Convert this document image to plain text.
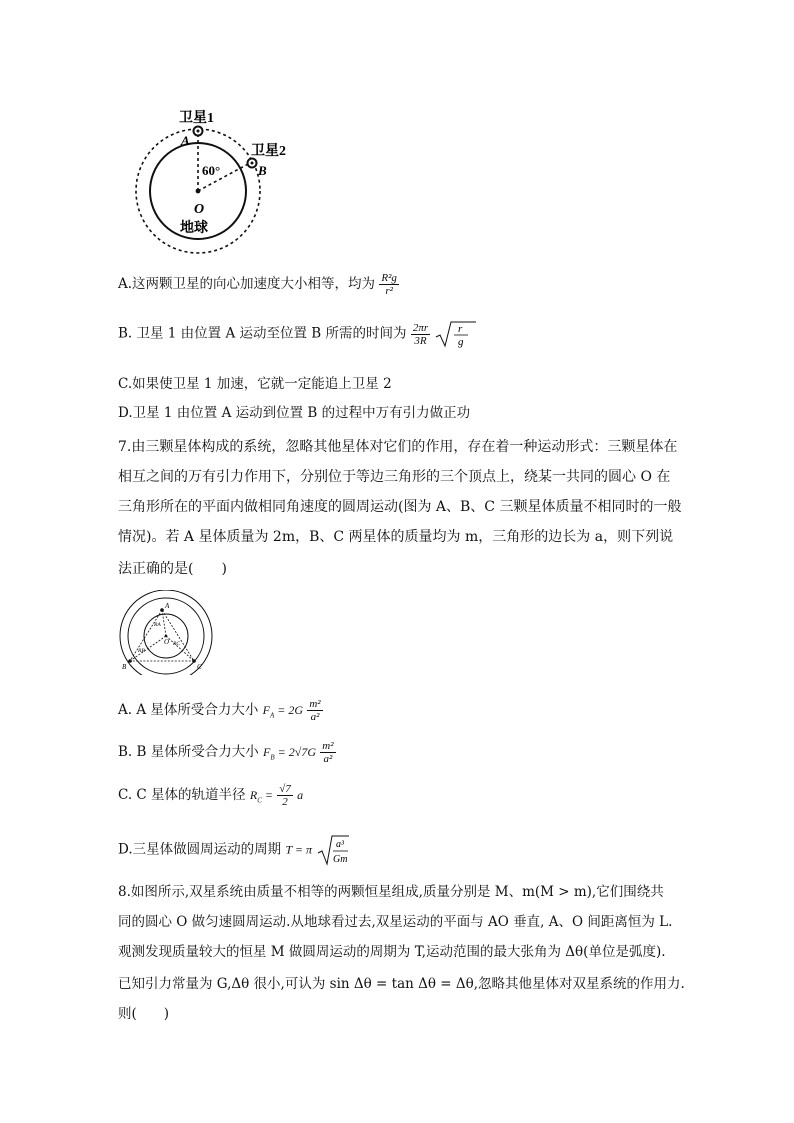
卫星1
A
卫星2
B
60°
O
地球
A.这两颗卫星的向心加速度大小相等，均为 $\frac{\text{R²g}}{\text{r²}}$
B. 卫星 1 由位置 A 运动至位置 B 所需的时间为 $\frac{2\pi r}{3R}$
	r
g
C.如果使卫星 1 加速，它就一定能追上卫星 2
D.卫星 1 由位置 A 运动到位置 B 的过程中万有引力做正功
7.由三颗星体构成的系统，忽略其他星体对它们的作用，存在着一种运动形式：三颗星体在
相互之间的万有引力作用下，分别位于等边三角形的三个顶点上，绕某一共同的圆心 O 在
三角形所在的平面内做相同角速度的圆周运动(图为 A、B、C 三颗星体质量不相同时的一般
情况)。若 A 星体质量为 2m，B、C 两星体的质量均为 m，三角形的边长为 a，则下列说
法正确的是(　　)
A
B	C
O
RA
RB
RC
A. A 星体所受合力大小 $F_A = 2G \frac{\text{m²}}{\text{a²}}$
B. B 星体所受合力大小 $F_B = 2√7G \frac{\text{m²}}{\text{a²}}$
C. C 星体的轨道半径 $R_C = \frac{√7}{2}$ a
D.三星体做圆周运动的周期 T = π a³
Gm
8.如图所示,双星系统由质量不相等的两颗恒星组成,质量分别是 M、m(M > m),它们围绕共
同的圆心 O 做匀速圆周运动.从地球看过去,双星运动的平面与 AO 垂直, A、O 间距离恒为 L.
观测发现质量较大的恒星 M 做圆周运动的周期为 T,运动范围的最大张角为 Δθ(单位是弧度).
已知引力常量为 G,Δθ 很小,可认为 sin Δθ = tan Δθ = Δθ,忽略其他星体对双星系统的作用力.
则(　　)
